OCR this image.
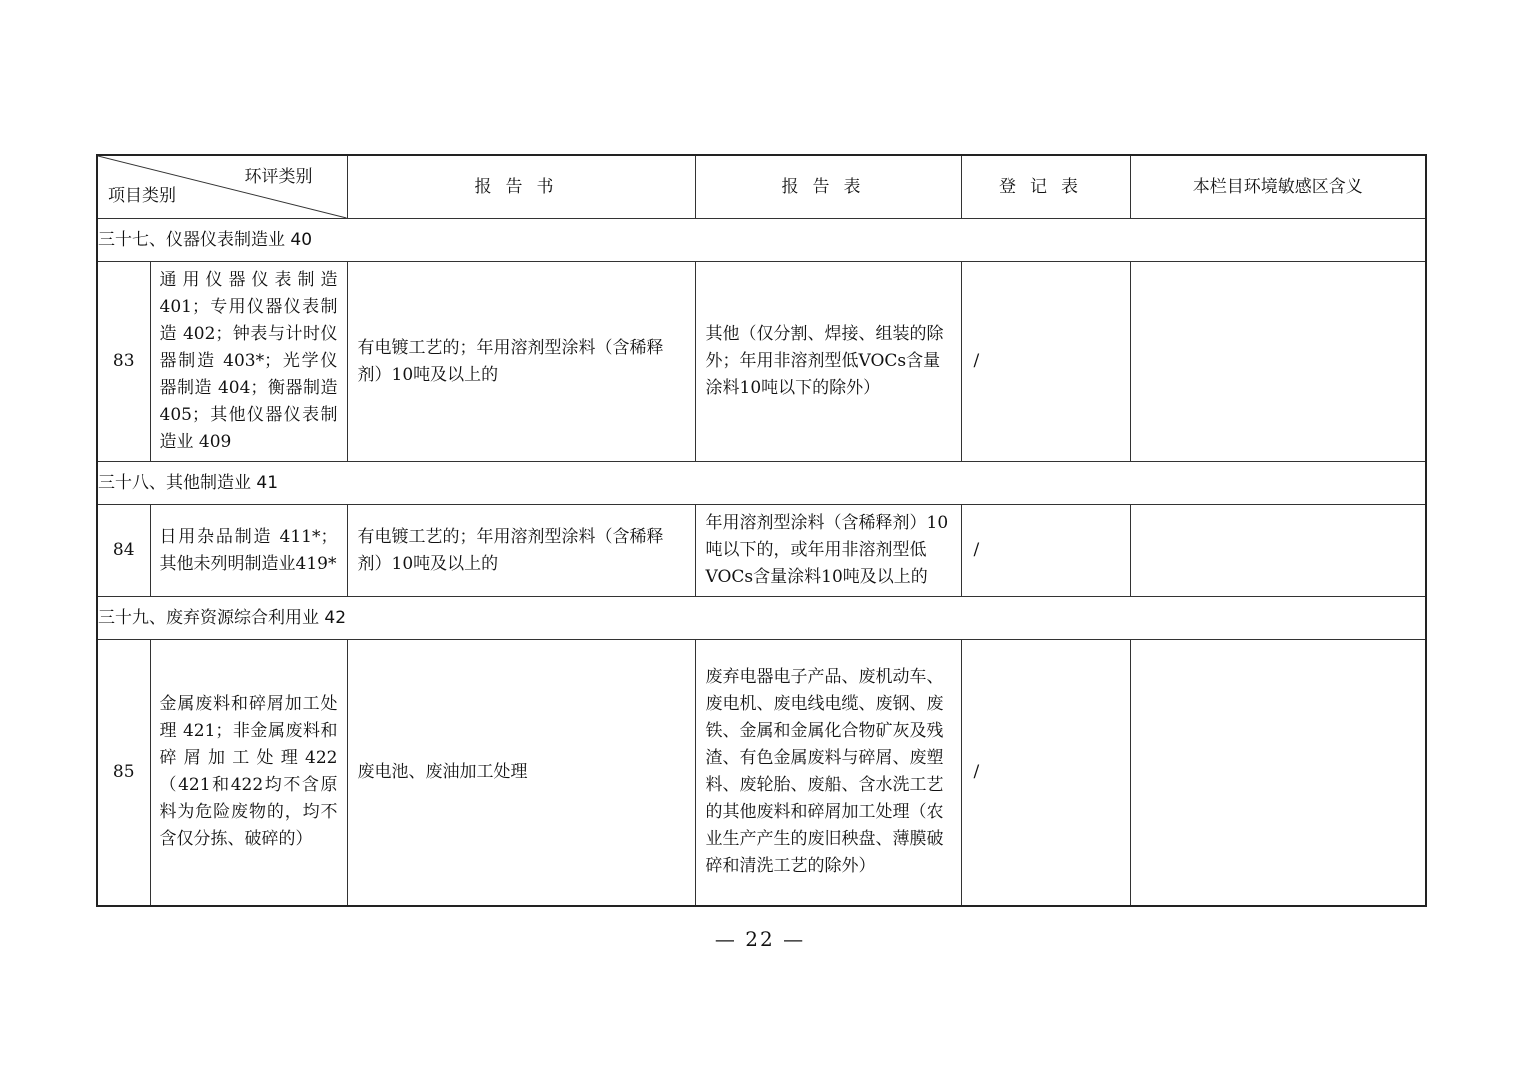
环评类别
项目类别		报告书	报告表	登记表	本栏目环境敏感区含义
三十七、仪器仪表制造业 40					
83	通用仪器仪表制造401；专用仪器仪表制造 402；钟表与计时仪器制造 403*；光学仪器制造 404；衡器制造 405；其他仪器仪表制造业 409	有电镀工艺的；年用溶剂型涂料（含稀释剂）10吨及以上的	其他（仅分割、焊接、组装的除外；年用非溶剂型低VOCs含量涂料10吨以下的除外）	/	
三十八、其他制造业 41					
84	日用杂品制造 411*；其他未列明制造业419*	有电镀工艺的；年用溶剂型涂料（含稀释剂）10吨及以上的	年用溶剂型涂料（含稀释剂）10吨以下的，或年用非溶剂型低VOCs含量涂料10吨及以上的	/	
三十九、废弃资源综合利用业 42					
85	金属废料和碎屑加工处理 421；非金属废料和碎屑加工处理422（421和422均不含原料为危险废物的，均不含仅分拣、破碎的）	废电池、废油加工处理	废弃电器电子产品、废机动车、废电机、废电线电缆、废钢、废铁、金属和金属化合物矿灰及残渣、有色金属废料与碎屑、废塑料、废轮胎、废船、含水洗工艺的其他废料和碎屑加工处理（农业生产产生的废旧秧盘、薄膜破碎和清洗工艺的除外）	/	
— 22 —
